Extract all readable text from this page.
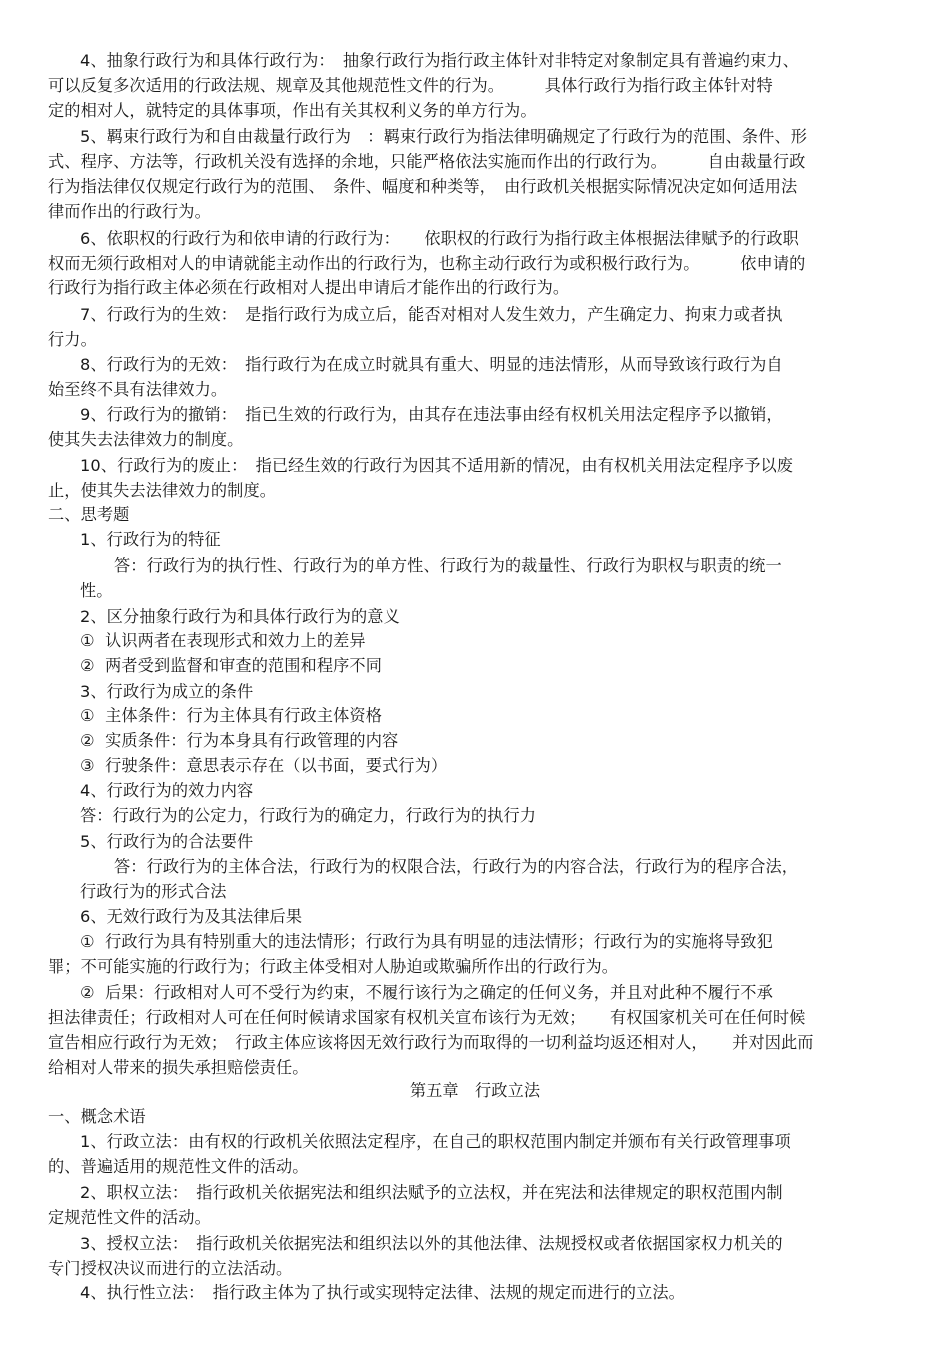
4、抽象行政行为和具体行政行为：　抽象行政行为指行政主体针对非特定对象制定具有普遍约束力、
可以反复多次适用的行政法规、规章及其他规范性文件的行为。　　　具体行政行为指行政主体针对特
定的相对人，就特定的具体事项，作出有关其权利义务的单方行为。
5、羁束行政行为和自由裁量行政行为　：羁束行政行为指法律明确规定了行政行为的范围、条件、形
式、程序、方法等，行政机关没有选择的余地，只能严格依法实施而作出的行政行为。　　　自由裁量行政
行为指法律仅仅规定行政行为的范围、　条件、幅度和种类等，　由行政机关根据实际情况决定如何适用法
律而作出的行政行为。
6、依职权的行政行为和依申请的行政行为：　　依职权的行政行为指行政主体根据法律赋予的行政职
权而无须行政相对人的申请就能主动作出的行政行为，也称主动行政行为或积极行政行为。　　　依申请的
行政行为指行政主体必须在行政相对人提出申请后才能作出的行政行为。
7、行政行为的生效：　是指行政行为成立后，能否对相对人发生效力，产生确定力、拘束力或者执
行力。
8、行政行为的无效：　指行政行为在成立时就具有重大、明显的违法情形，从而导致该行政行为自
始至终不具有法律效力。
9、行政行为的撤销：　指已生效的行政行为，由其存在违法事由经有权机关用法定程序予以撤销，
使其失去法律效力的制度。
10、行政行为的废止：　指已经生效的行政行为因其不适用新的情况，由有权机关用法定程序予以废
止，使其失去法律效力的制度。
二、思考题
1、行政行为的特征
答：行政行为的执行性、行政行为的单方性、行政行为的裁量性、行政行为职权与职责的统一
性。
2、区分抽象行政行为和具体行政行为的意义
①  认识两者在表现形式和效力上的差异
②  两者受到监督和审查的范围和程序不同
3、行政行为成立的条件
①  主体条件：行为主体具有行政主体资格
②  实质条件：行为本身具有行政管理的内容
③  行驶条件：意思表示存在（以书面，要式行为）
4、行政行为的效力内容
答：行政行为的公定力，行政行为的确定力，行政行为的执行力
5、行政行为的合法要件
答：行政行为的主体合法，行政行为的权限合法，行政行为的内容合法，行政行为的程序合法，
行政行为的形式合法
6、无效行政行为及其法律后果
①  行政行为具有特别重大的违法情形；行政行为具有明显的违法情形；行政行为的实施将导致犯
罪；不可能实施的行政行为；行政主体受相对人胁迫或欺骗所作出的行政行为。
②  后果：行政相对人可不受行为约束，不履行该行为之确定的任何义务，并且对此种不履行不承
担法律责任；行政相对人可在任何时候请求国家有权机关宣布该行为无效；　　有权国家机关可在任何时候
宣告相应行政行为无效；　行政主体应该将因无效行政行为而取得的一切利益均返还相对人，　　并对因此而
给相对人带来的损失承担赔偿责任。
第五章　行政立法
一、概念术语
1、行政立法：由有权的行政机关依照法定程序，在自己的职权范围内制定并颁布有关行政管理事项
的、普遍适用的规范性文件的活动。
2、职权立法：　指行政机关依据宪法和组织法赋予的立法权，并在宪法和法律规定的职权范围内制
定规范性文件的活动。
3、授权立法：　指行政机关依据宪法和组织法以外的其他法律、法规授权或者依据国家权力机关的
专门授权决议而进行的立法活动。
4、执行性立法：　指行政主体为了执行或实现特定法律、法规的规定而进行的立法。
